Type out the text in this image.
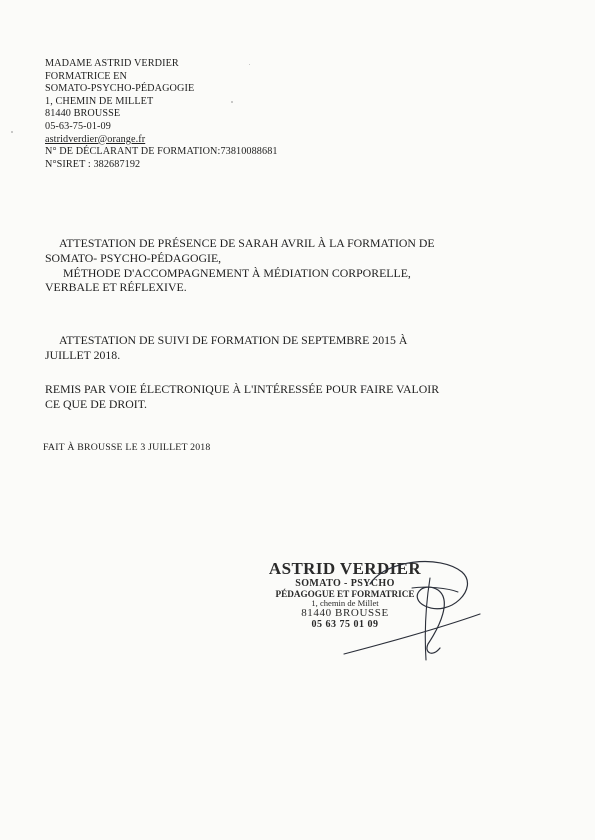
MADAME ASTRID VERDIER
FORMATRICE EN
SOMATO-PSYCHO-PÉDAGOGIE
1, CHEMIN DE MILLET
81440 BROUSSE
05-63-75-01-09
astridverdier@orange.fr
N° DE DÉCLARANT DE FORMATION:73810088681
N°SIRET : 382687192
ATTESTATION DE PRÉSENCE DE SARAH AVRIL À LA FORMATION DE
SOMATO- PSYCHO-PÉDAGOGIE,
MÉTHODE D'ACCOMPAGNEMENT À MÉDIATION CORPORELLE,
VERBALE ET RÉFLEXIVE.
ATTESTATION DE SUIVI DE FORMATION DE SEPTEMBRE 2015 À
JUILLET 2018.
REMIS PAR VOIE ÉLECTRONIQUE À L'INTÉRESSÉE POUR FAIRE VALOIR
CE QUE DE DROIT.
FAIT À BROUSSE LE 3 JUILLET 2018
ASTRID VERDIER
SOMATO - PSYCHO
PÉDAGOGUE ET FORMATRICE
1, chemin de Millet
81440 BROUSSE
05 63 75 01 09
